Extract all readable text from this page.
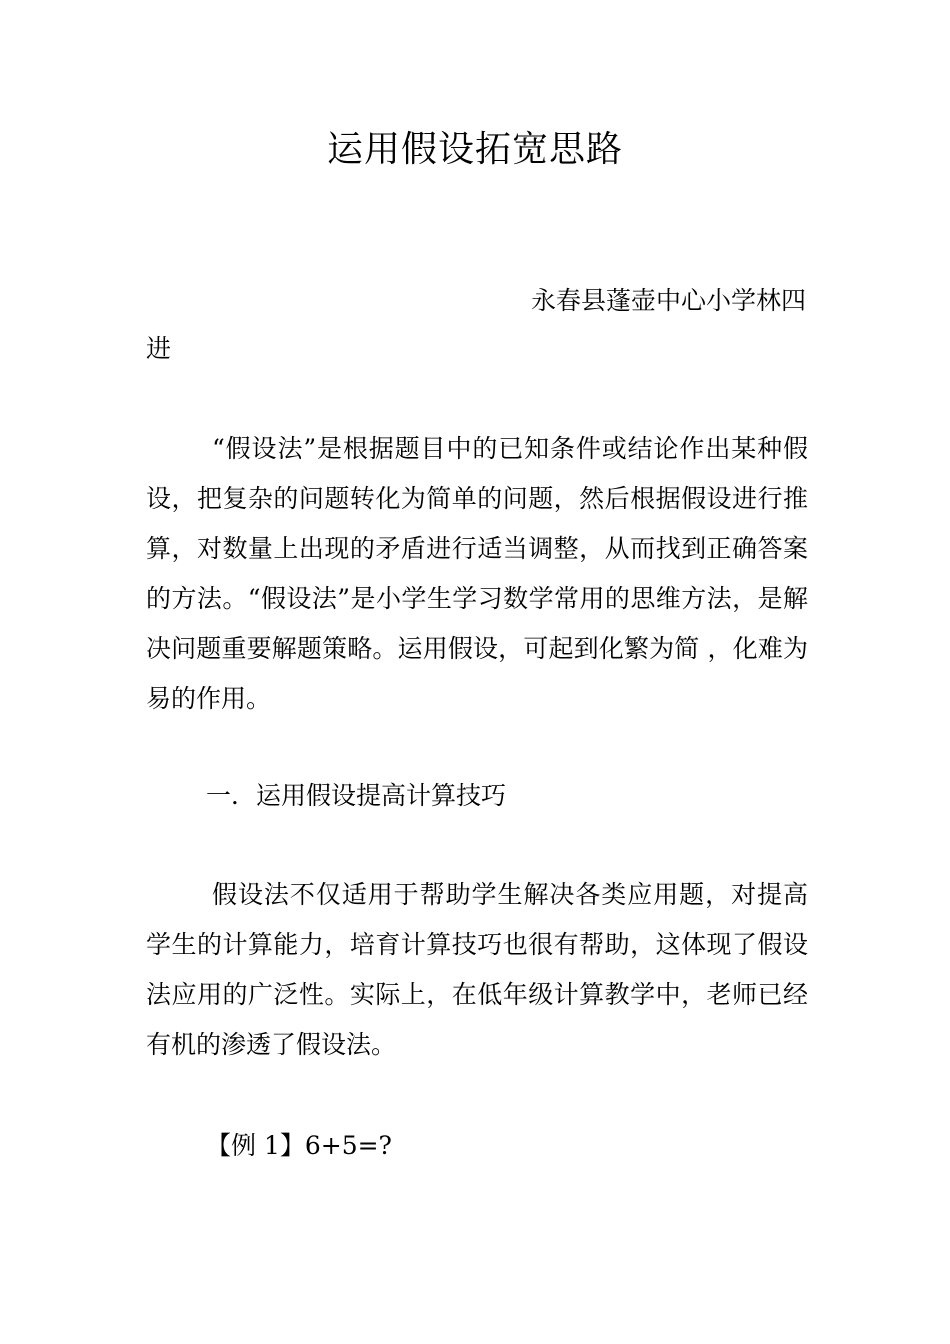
运用假设拓宽思路
永春县蓬壶中心小学林四
进

“假设法”是根据题目中的已知条件或结论作出某种假设，把复杂的问题转化为简单的问题，然后根据假设进行推算，对数量上出现的矛盾进行适当调整，从而找到正确答案的方法。“假设法”是小学生学习数学常用的思维方法，是解决问题重要解题策略。运用假设，可起到化繁为简 ，化难为易的作用。

一．运用假设提高计算技巧

假设法不仅适用于帮助学生解决各类应用题，对提高学生的计算能力，培育计算技巧也很有帮助，这体现了假设法应用的广泛性。实际上，在低年级计算教学中，老师已经有机的渗透了假设法。

【例 1】6+5=?
